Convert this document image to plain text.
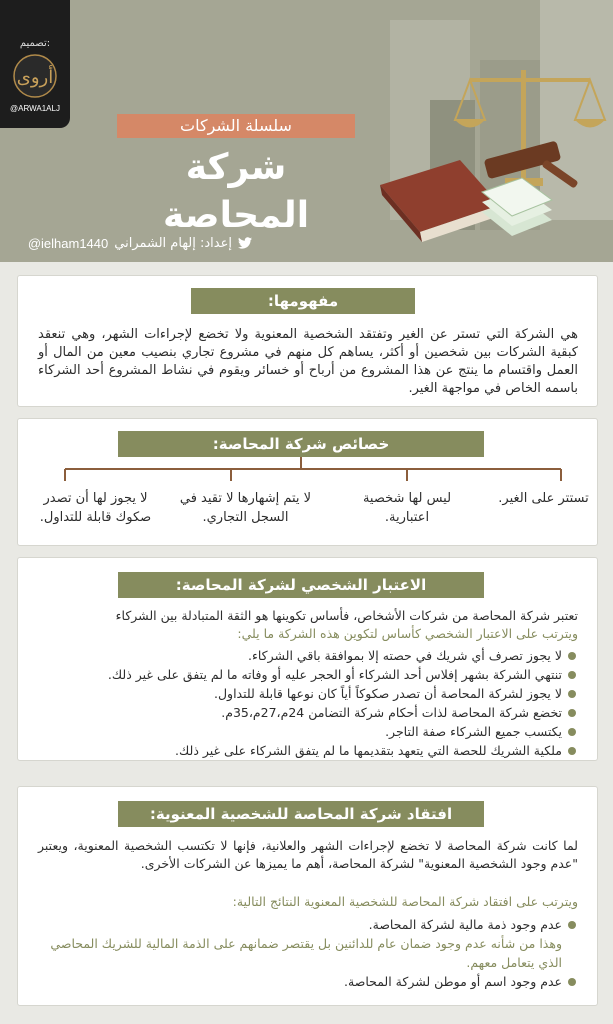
تصميم:
أروى
@ARWA1ALJ
سلسلة الشركات
شركة المحاصة
إعداد: إلهام الشمراني
@ielham1440
مفهومها:
هي الشركة التي تستر عن الغير وتفتقد الشخصية المعنوية ولا تخضع لإجراءات الشهر، وهي تنعقد كبقية الشركات بين شخصين أو أكثر، يساهم كل منهم في مشروع تجاري بنصيب معين من المال أو العمل واقتسام ما ينتج عن هذا المشروع من أرباح أو خسائر ويقوم في نشاط المشروع أحد الشركاء باسمه الخاص في مواجهة الغير.
خصائص شركة المحاصة:
تستتر على الغير.
ليس لها شخصية اعتبارية.
لا يتم إشهارها لا تقيد في السجل التجاري.
لا يجوز لها أن تصدر صكوك قابلة للتداول.
الاعتبار الشخصي لشركة المحاصة:
تعتبر شركة المحاصة من شركات الأشخاص، فأساس تكوينها هو الثقة المتبادلة بين الشركاء
ويترتب على الاعتبار الشخصي كأساس لتكوين هذه الشركة ما يلي:
لا يجوز تصرف أي شريك في حصته إلا بموافقة باقي الشركاء.
تنتهي الشركة بشهر إفلاس أحد الشركاء أو الحجر عليه أو وفاته ما لم يتفق على غير ذلك.
لا يجوز لشركة المحاصة أن تصدر صكوكاً أياً كان نوعها قابلة للتداول.
تخضع شركة المحاصة لذات أحكام شركة التضامن 24م،27م،35م.
يكتسب جميع الشركاء صفة التاجر.
ملكية الشريك للحصة التي يتعهد بتقديمها ما لم يتفق الشركاء على غير ذلك.
افتقاد شركة المحاصة للشخصية المعنوية:
لما كانت شركة المحاصة لا تخضع لإجراءات الشهر والعلانية، فإنها لا تكتسب الشخصية المعنوية، ويعتبر "عدم وجود الشخصية المعنوية" لشركة المحاصة، أهم ما يميزها عن الشركات الأخرى.
ويترتب على افتقاد شركة المحاصة للشخصية المعنوية النتائج التالية:
عدم وجود ذمة مالية لشركة المحاصة.
وهذا من شأنه عدم وجود ضمان عام للدائنين بل يقتصر ضمانهم على الذمة المالية للشريك المحاصي الذي يتعامل معهم.
عدم وجود اسم أو موطن لشركة المحاصة.
